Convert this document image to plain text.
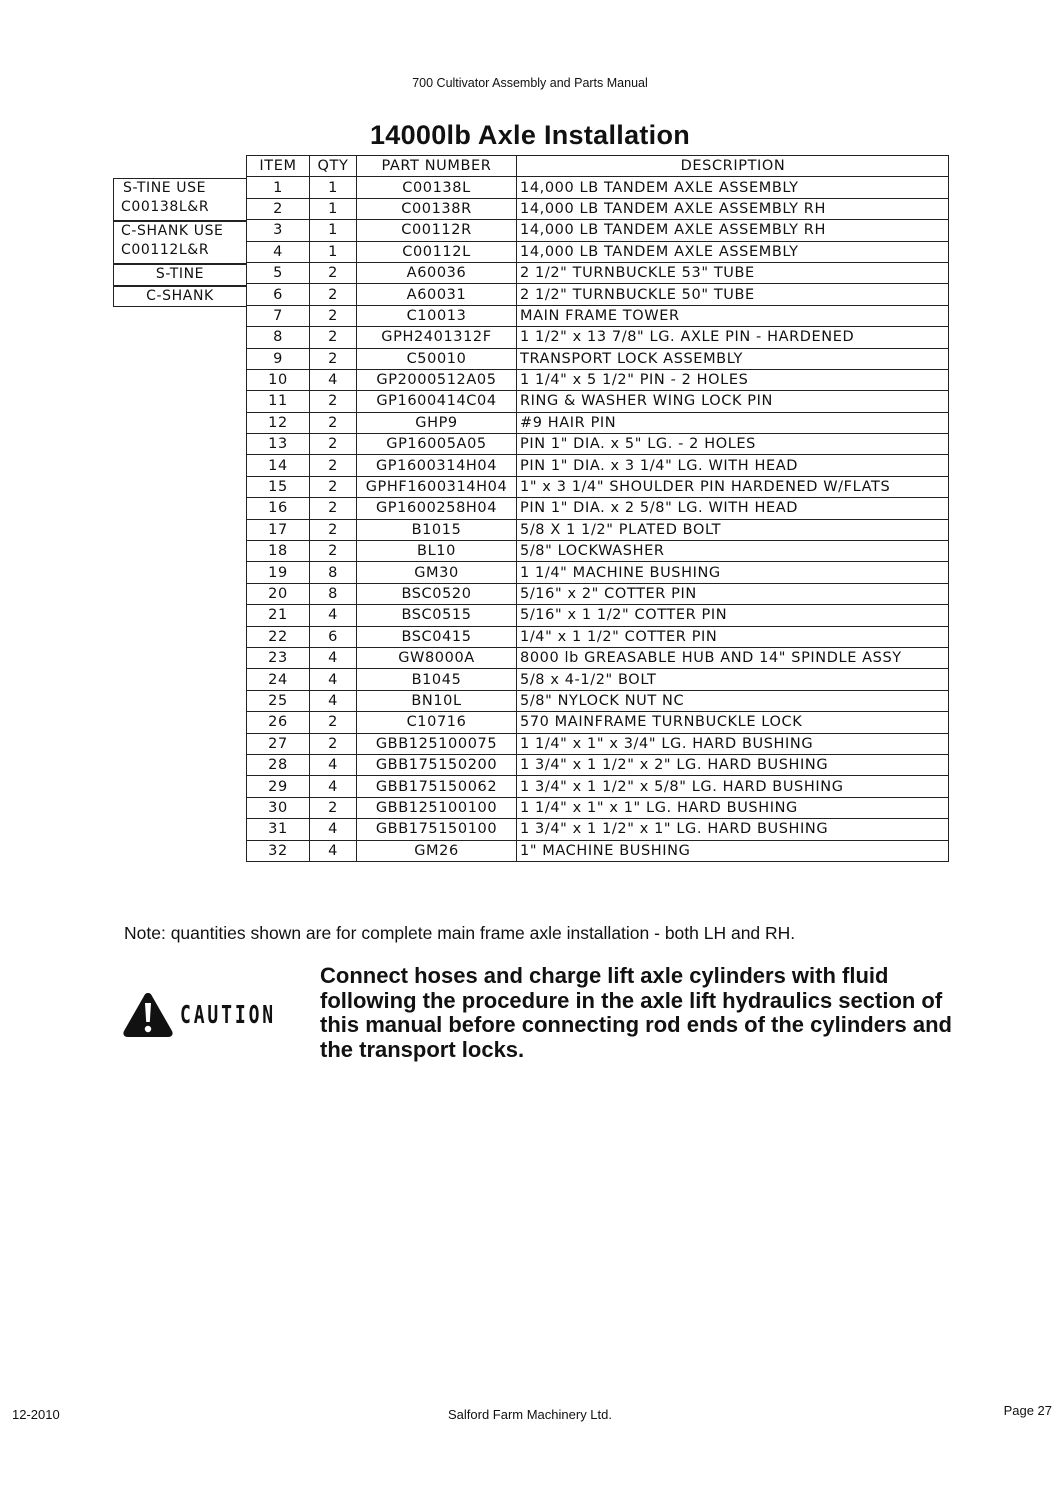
700 Cultivator Assembly and Parts Manual
14000lb Axle Installation
S-TINE USE
C00138L&R
C-SHANK USE
C00112L&R
S-TINE
C-SHANK
ITEM	QTY	PART NUMBER	DESCRIPTION
1	1	C00138L	14,000 LB TANDEM AXLE ASSEMBLY
2	1	C00138R	14,000 LB TANDEM AXLE ASSEMBLY RH
3	1	C00112R	14,000 LB TANDEM AXLE ASSEMBLY RH
4	1	C00112L	14,000 LB TANDEM AXLE ASSEMBLY
5	2	A60036	2 1/2" TURNBUCKLE 53" TUBE
6	2	A60031	2 1/2" TURNBUCKLE 50" TUBE
7	2	C10013	MAIN FRAME TOWER
8	2	GPH2401312F	1 1/2" x 13 7/8" LG. AXLE PIN - HARDENED
9	2	C50010	TRANSPORT LOCK ASSEMBLY
10	4	GP2000512A05	1 1/4" x 5 1/2" PIN - 2 HOLES
11	2	GP1600414C04	RING & WASHER WING LOCK PIN
12	2	GHP9	#9 HAIR PIN
13	2	GP16005A05	PIN 1" DIA. x 5" LG. - 2 HOLES
14	2	GP1600314H04	PIN 1" DIA. x 3 1/4" LG. WITH HEAD
15	2	GPHF1600314H04	1" x 3 1/4" SHOULDER PIN HARDENED W/FLATS
16	2	GP1600258H04	PIN 1" DIA. x 2 5/8" LG. WITH HEAD
17	2	B1015	5/8 X 1 1/2" PLATED BOLT
18	2	BL10	5/8" LOCKWASHER
19	8	GM30	1 1/4" MACHINE BUSHING
20	8	BSC0520	5/16" x 2" COTTER PIN
21	4	BSC0515	5/16" x 1 1/2" COTTER PIN
22	6	BSC0415	1/4" x 1 1/2" COTTER PIN
23	4	GW8000A	8000 lb GREASABLE HUB AND 14" SPINDLE ASSY
24	4	B1045	5/8 x 4-1/2" BOLT
25	4	BN10L	5/8" NYLOCK NUT NC
26	2	C10716	570 MAINFRAME TURNBUCKLE LOCK
27	2	GBB125100075	1 1/4" x 1" x 3/4" LG. HARD BUSHING
28	4	GBB175150200	1 3/4" x 1 1/2" x 2" LG. HARD BUSHING
29	4	GBB175150062	1 3/4" x 1 1/2" x 5/8" LG. HARD BUSHING
30	2	GBB125100100	1 1/4" x 1" x 1" LG. HARD BUSHING
31	4	GBB175150100	1 3/4" x 1 1/2" x 1" LG. HARD BUSHING
32	4	GM26	1" MACHINE BUSHING
Note: quantities shown are for complete main frame axle installation - both LH and RH.
CAUTION
Connect hoses and charge lift axle cylinders with fluid following the procedure in the axle lift hydraulics section of this manual before connecting rod ends of the cylinders and the transport locks.
12-2010	Salford Farm Machinery Ltd.	Page 27
